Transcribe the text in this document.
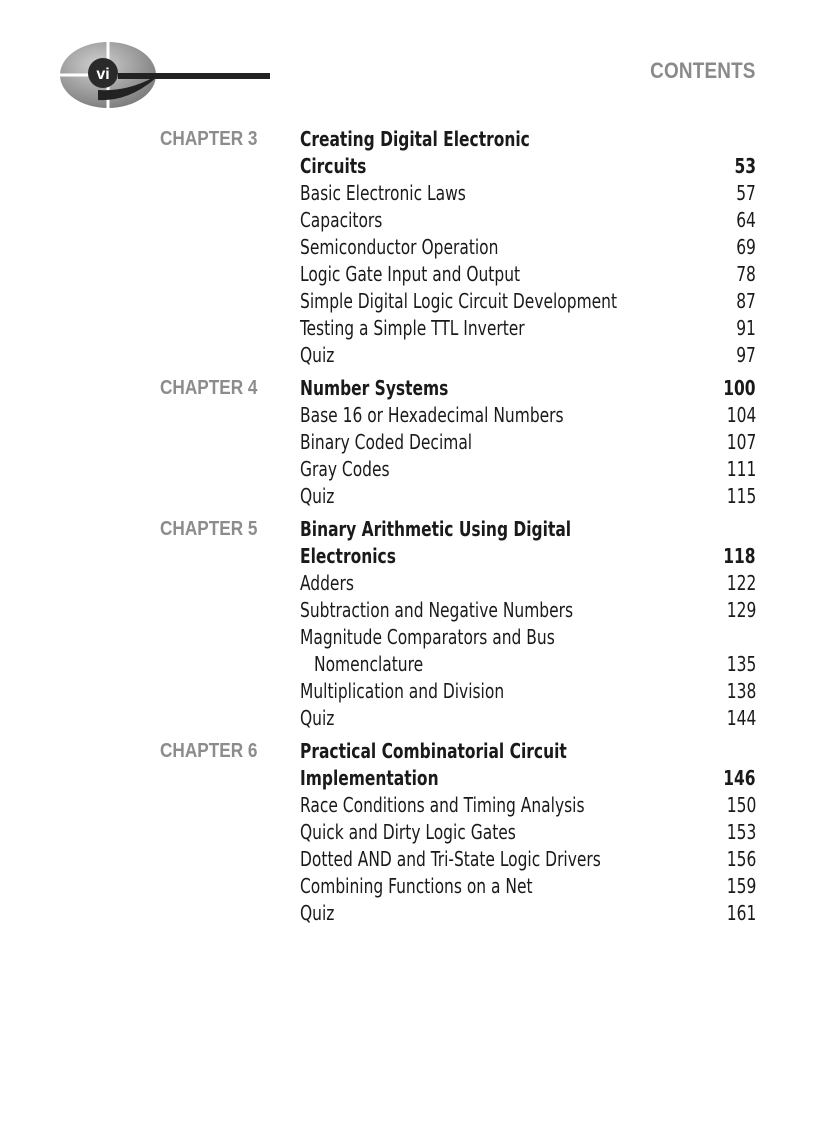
vi	CONTENTS
CHAPTER 3 Creating Digital Electronic
Circuits	53
Basic Electronic Laws	57
Capacitors	64
Semiconductor Operation	69
Logic Gate Input and Output	78
Simple Digital Logic Circuit Development	87
Testing a Simple TTL Inverter	91
Quiz	97
CHAPTER 4 Number Systems	100
Base 16 or Hexadecimal Numbers	104
Binary Coded Decimal	107
Gray Codes	111
Quiz	115
CHAPTER 5 Binary Arithmetic Using Digital
Electronics	118
Adders	122
Subtraction and Negative Numbers	129
Magnitude Comparators and Bus
Nomenclature	135
Multiplication and Division	138
Quiz	144
CHAPTER 6 Practical Combinatorial Circuit
Implementation	146
Race Conditions and Timing Analysis	150
Quick and Dirty Logic Gates	153
Dotted AND and Tri-State Logic Drivers	156
Combining Functions on a Net	159
Quiz	161
